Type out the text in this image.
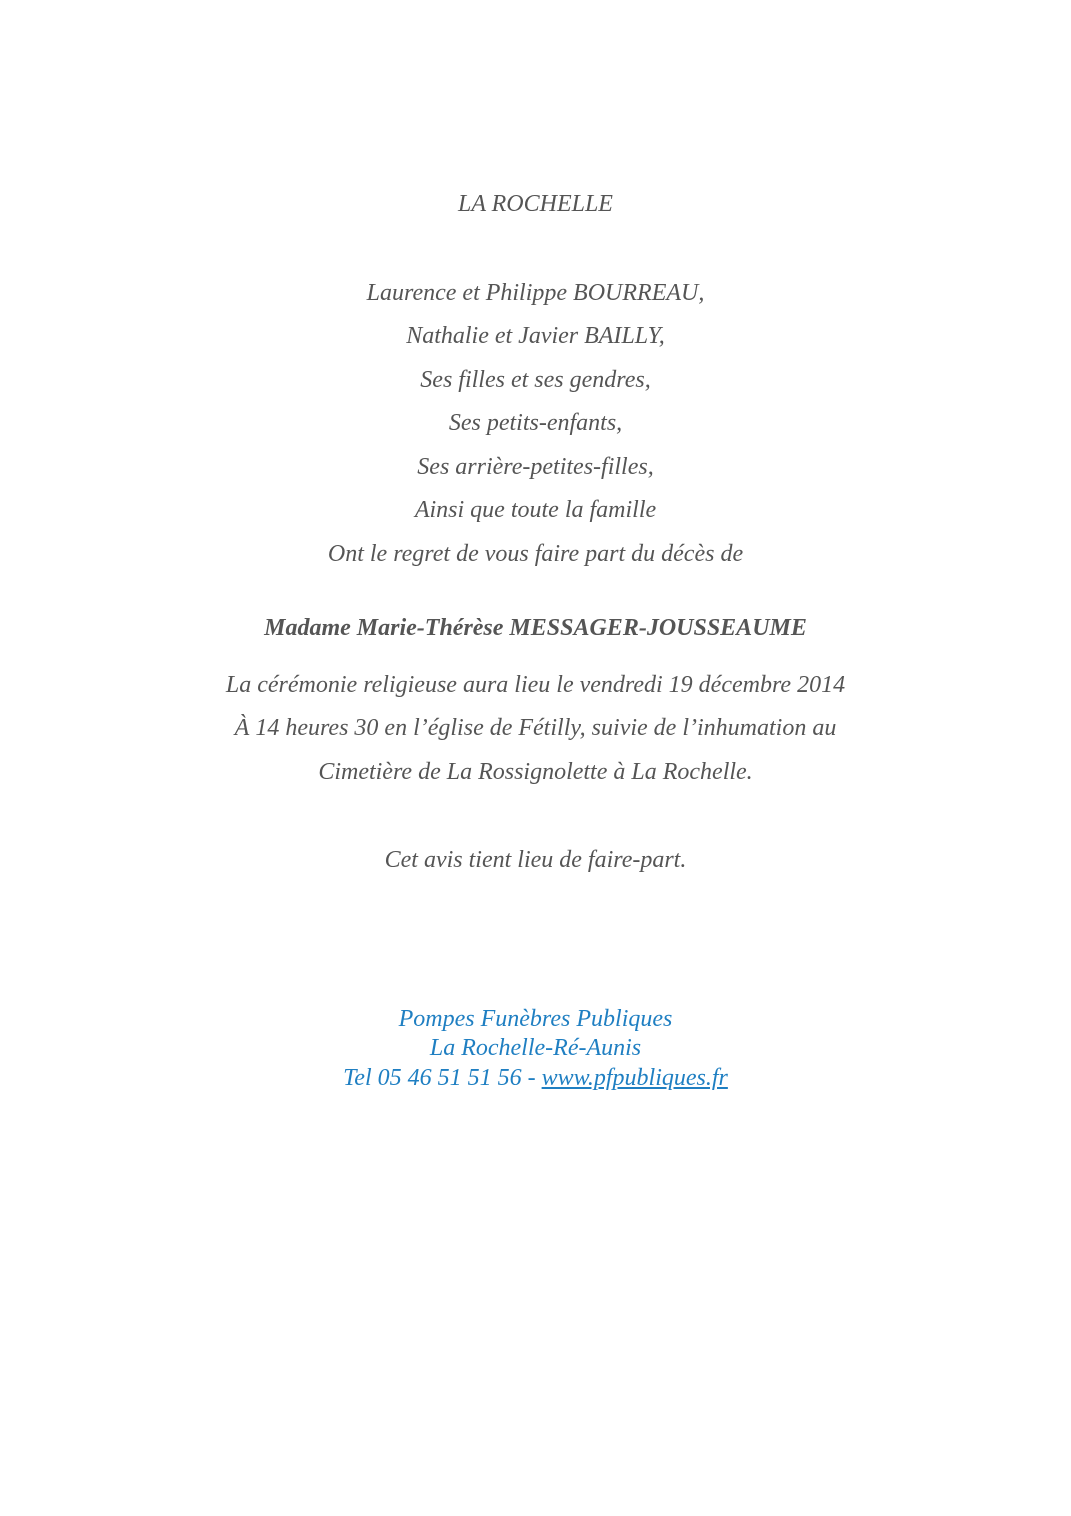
LA ROCHELLE
Laurence et Philippe BOURREAU,
Nathalie et Javier BAILLY,
Ses filles et ses gendres,
Ses petits-enfants,
Ses arrière-petites-filles,
Ainsi que toute la famille
Ont le regret de vous faire part du décès de
Madame Marie-Thérèse MESSAGER-JOUSSEAUME
La cérémonie religieuse aura lieu le vendredi 19 décembre 2014
À 14 heures 30 en l’église de Fétilly, suivie de l’inhumation au
Cimetière de La Rossignolette à La Rochelle.
Cet avis tient lieu de faire-part.
Pompes Funèbres Publiques
La Rochelle-Ré-Aunis
Tel 05 46 51 51 56 - www.pfpubliques.fr
